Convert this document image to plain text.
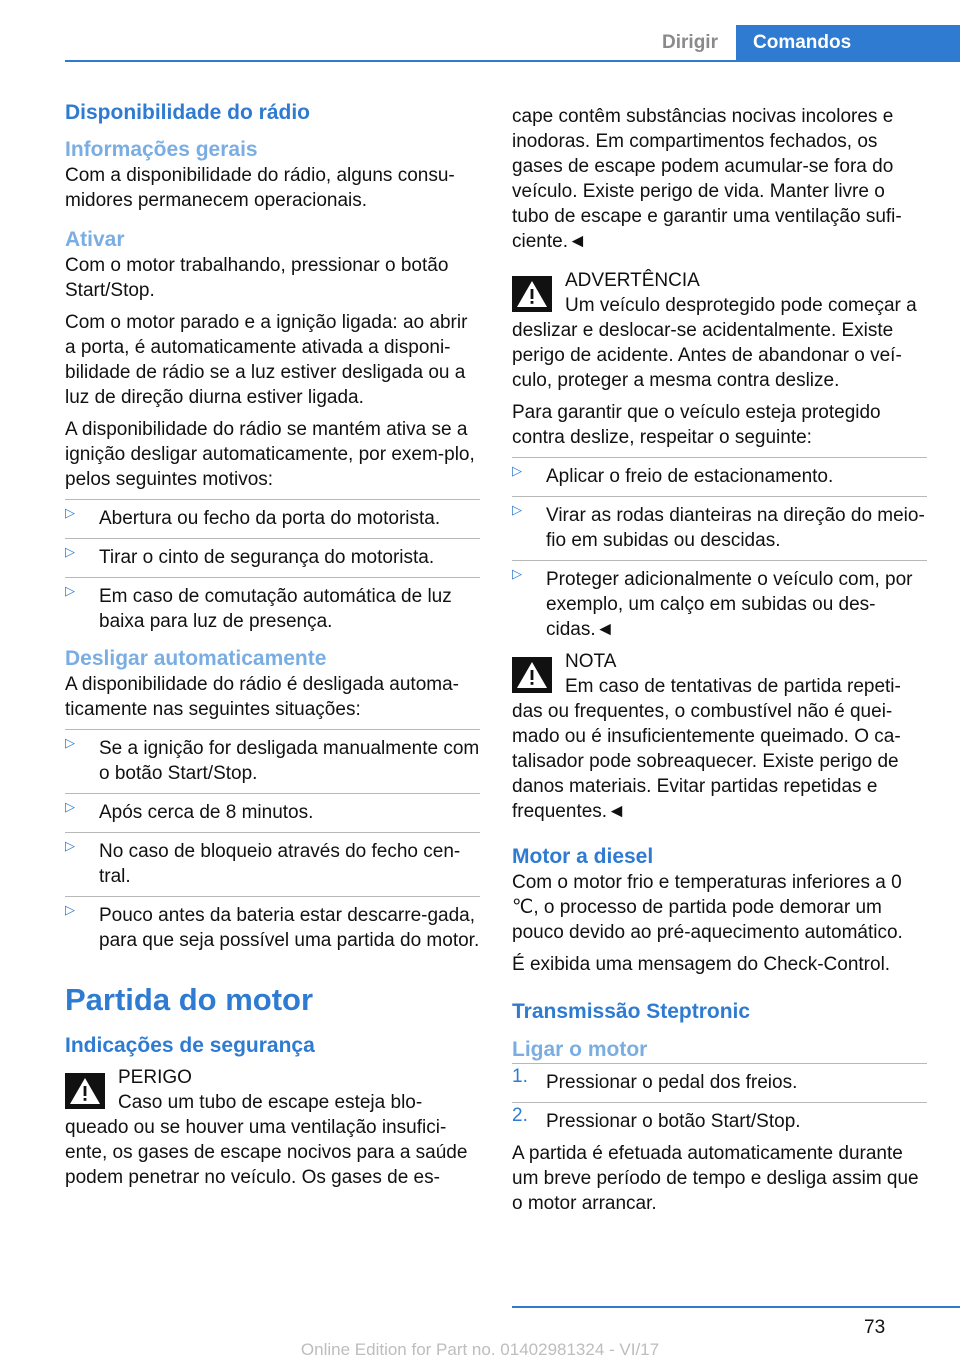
Dirigir	Comandos
Disponibilidade do rádio
Informações gerais

Com a disponibilidade do rádio, alguns consu‐midores permanecem operacionais.

Ativar

Com o motor trabalhando, pressionar o botão Start/Stop.

Com o motor parado e a ignição ligada: ao abrir a porta, é automaticamente ativada a disponi‐bilidade de rádio se a luz estiver desligada ou a luz de direção diurna estiver ligada.

A disponibilidade do rádio se mantém ativa se a ignição desligar automaticamente, por exem‐plo, pelos seguintes motivos:

▷ Abertura ou fecho da porta do motorista.
▷ Tirar o cinto de segurança do motorista.
▷ Em caso de comutação automática de luz baixa para luz de presença.
Desligar automaticamente

A disponibilidade do rádio é desligada automa‐ticamente nas seguintes situações:

▷ Se a ignição for desligada manualmente com o botão Start/Stop.
▷ Após cerca de 8 minutos.
▷ No caso de bloqueio através do fecho cen‐tral.
▷ Pouco antes da bateria estar descarre‐gada, para que seja possível uma partida do motor.
Partida do motor
Indicações de segurança
PERIGO
Caso um tubo de escape esteja blo‐queado ou se houver uma ventilação insufici‐ente, os gases de escape nocivos para a saúde podem penetrar no veículo. Os gases de es‐

cape contêm substâncias nocivas incolores e inodoras. Em compartimentos fechados, os gases de escape podem acumular-se fora do veículo. Existe perigo de vida. Manter livre o tubo de escape e garantir uma ventilação sufi‐ciente.◄

ADVERTÊNCIA
Um veículo desprotegido pode começar a deslizar e deslocar-se acidentalmente. Existe perigo de acidente. Antes de abandonar o veí‐culo, proteger a mesma contra deslize.

Para garantir que o veículo esteja protegido contra deslize, respeitar o seguinte:

▷ Aplicar o freio de estacionamento.
▷ Virar as rodas dianteiras na direção do meio-fio em subidas ou descidas.
▷ Proteger adicionalmente o veículo com, por exemplo, um calço em subidas ou des‐cidas.◄
NOTA
Em caso de tentativas de partida repeti‐das ou frequentes, o combustível não é quei‐mado ou é insuficientemente queimado. O ca‐talisador pode sobreaquecer. Existe perigo de danos materiais. Evitar partidas repetidas e frequentes.◄
Motor a diesel

Com o motor frio e temperaturas inferiores a 0 ℃, o processo de partida pode demorar um pouco devido ao pré-aquecimento automático.

É exibida uma mensagem do Check-Control.

Transmissão Steptronic
Ligar o motor
1. Pressionar o pedal dos freios.
2. Pressionar o botão Start/Stop.

A partida é efetuada automaticamente durante um breve período de tempo e desliga assim que o motor arrancar.

73
Online Edition for Part no. 01402981324 - VI/17
